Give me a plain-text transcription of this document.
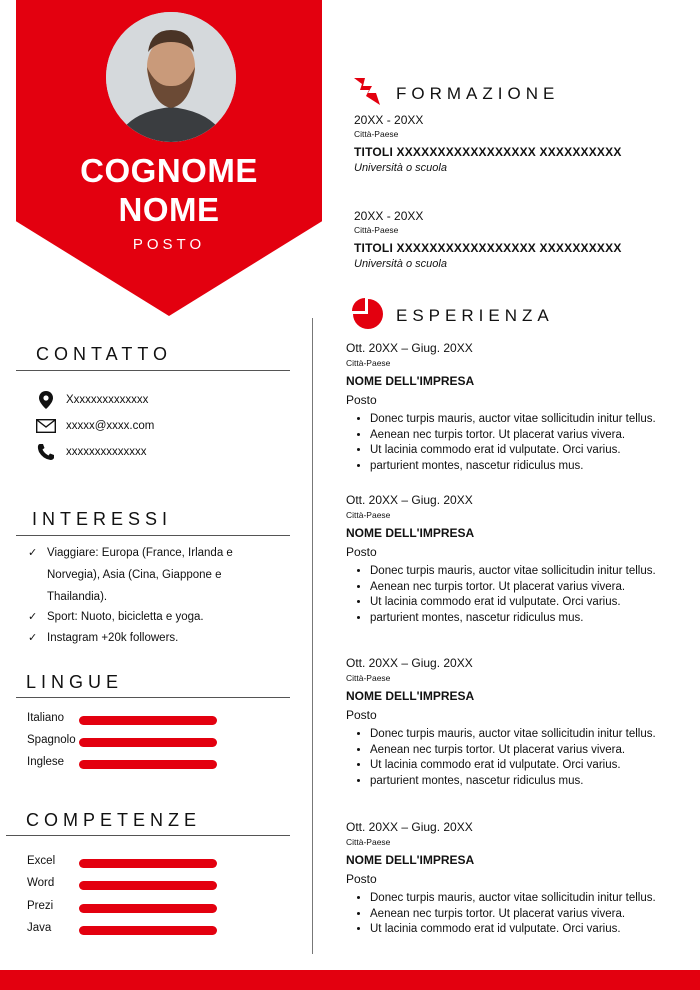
COGNOME
NOME
POSTO
CONTATTO
Xxxxxxxxxxxxxx
xxxxx@xxxx.com
xxxxxxxxxxxxxx
INTERESSI
✓ Viaggiare: Europa (France, Irlanda e
Norvegia), Asia (Cina, Giappone e
Thailandia).
✓ Sport: Nuoto, bicicletta e yoga.
✓ Instagram +20k followers.
LINGUE
Italiano
Spagnolo
Inglese
COMPETENZE
Excel
Word
Prezi
Java
FORMAZIONE
20XX - 20XX
Città-Paese
TITOLI XXXXXXXXXXXXXXXXX XXXXXXXXXX
Università o scuola
20XX - 20XX
Città-Paese
TITOLI XXXXXXXXXXXXXXXXX XXXXXXXXXX
Università o scuola
ESPERIENZA
Ott. 20XX – Giug. 20XX
Città-Paese
NOME DELL'IMPRESA
Posto
• Donec turpis mauris, auctor vitae sollicitudin initur tellus.
• Aenean nec turpis tortor. Ut placerat varius vivera.
• Ut lacinia commodo erat id vulputate. Orci varius.
• parturient montes, nascetur ridiculus mus.
Ott. 20XX – Giug. 20XX
Città-Paese
NOME DELL'IMPRESA
Posto
• Donec turpis mauris, auctor vitae sollicitudin initur tellus.
• Aenean nec turpis tortor. Ut placerat varius vivera.
• Ut lacinia commodo erat id vulputate. Orci varius.
• parturient montes, nascetur ridiculus mus.
Ott. 20XX – Giug. 20XX
Città-Paese
NOME DELL'IMPRESA
Posto
• Donec turpis mauris, auctor vitae sollicitudin initur tellus.
• Aenean nec turpis tortor. Ut placerat varius vivera.
• Ut lacinia commodo erat id vulputate. Orci varius.
• parturient montes, nascetur ridiculus mus.
Ott. 20XX – Giug. 20XX
Città-Paese
NOME DELL'IMPRESA
Posto
• Donec turpis mauris, auctor vitae sollicitudin initur tellus.
• Aenean nec turpis tortor. Ut placerat varius vivera.
• Ut lacinia commodo erat id vulputate. Orci varius.
